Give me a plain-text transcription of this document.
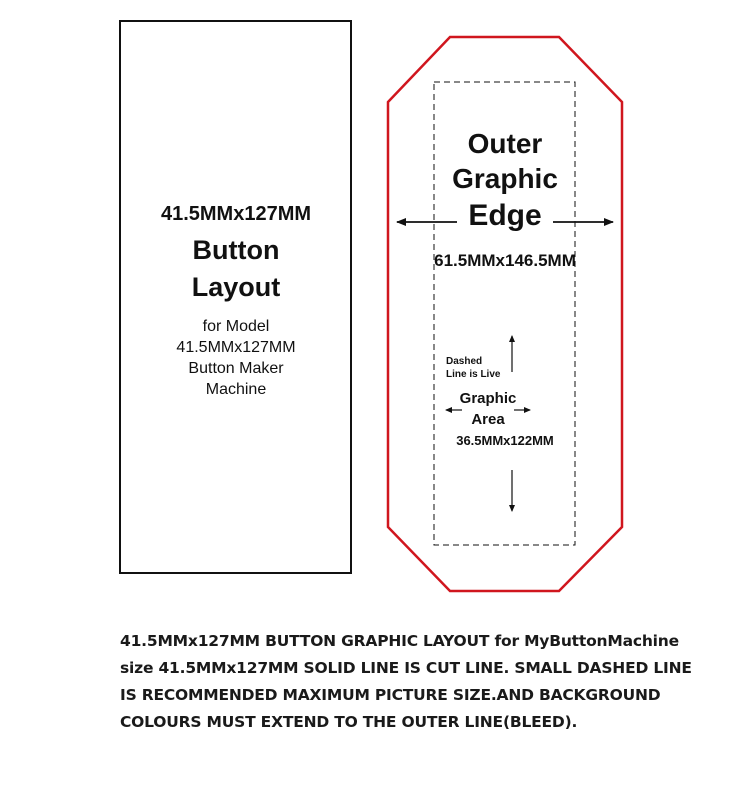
41.5MMx127MM
Button
Layout
for Model
41.5MMx127MM
Button Maker
Machine
Outer
Graphic
Edge
61.5MMx146.5MM
Dashed
Line is Live
Graphic
Area
36.5MMx122MM

41.5MMx127MM BUTTON GRAPHIC LAYOUT for MyButtonMachine

size 41.5MMx127MM SOLID LINE IS CUT LINE. SMALL DASHED LINE

IS RECOMMENDED MAXIMUM PICTURE SIZE.AND BACKGROUND

COLOURS MUST EXTEND TO THE OUTER LINE(BLEED).
